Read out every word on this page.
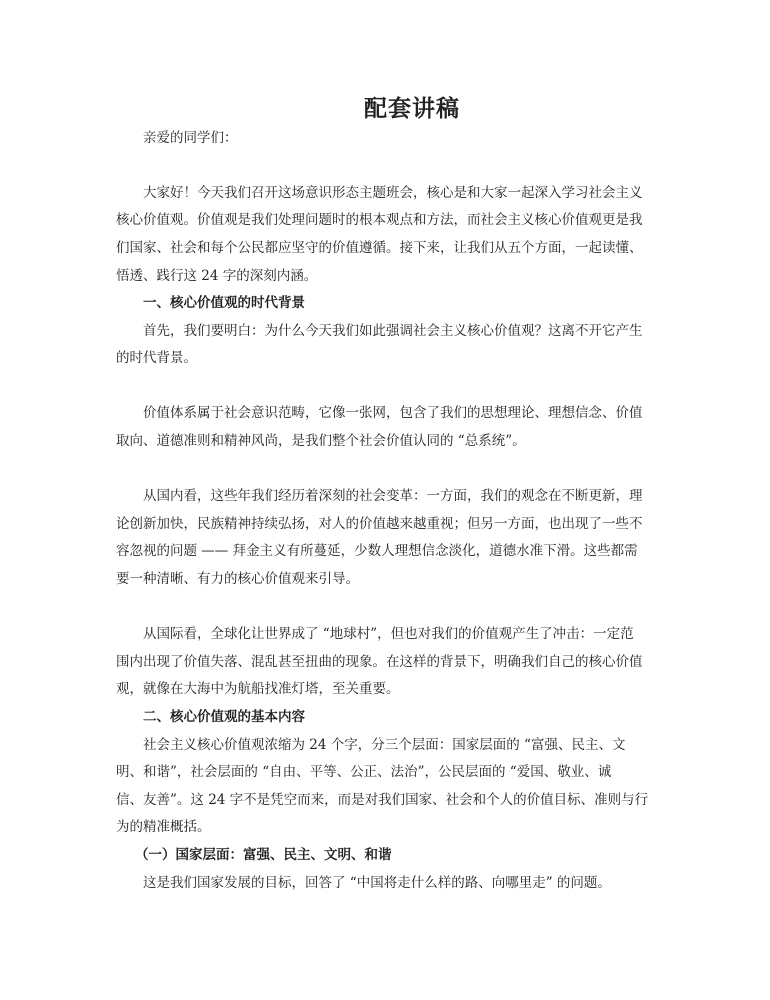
配套讲稿
亲爱的同学们：
大家好！今天我们召开这场意识形态主题班会，核心是和大家一起深入学习社会主义
核心价值观。价值观是我们处理问题时的根本观点和方法，而社会主义核心价值观更是我
们国家、社会和每个公民都应坚守的价值遵循。接下来，让我们从五个方面，一起读懂、
悟透、践行这 24 字的深刻内涵。
一、核心价值观的时代背景
首先，我们要明白：为什么今天我们如此强调社会主义核心价值观？这离不开它产生
的时代背景。
价值体系属于社会意识范畴，它像一张网，包含了我们的思想理论、理想信念、价值
取向、道德准则和精神风尚，是我们整个社会价值认同的 “总系统”。
从国内看，这些年我们经历着深刻的社会变革：一方面，我们的观念在不断更新，理
论创新加快，民族精神持续弘扬，对人的价值越来越重视；但另一方面，也出现了一些不
容忽视的问题 —— 拜金主义有所蔓延，少数人理想信念淡化，道德水准下滑。这些都需
要一种清晰、有力的核心价值观来引导。
从国际看，全球化让世界成了 “地球村”，但也对我们的价值观产生了冲击：一定范
围内出现了价值失落、混乱甚至扭曲的现象。在这样的背景下，明确我们自己的核心价值
观，就像在大海中为航船找准灯塔，至关重要。
二、核心价值观的基本内容
社会主义核心价值观浓缩为 24 个字，分三个层面：国家层面的 “富强、民主、文
明、和谐”，社会层面的 “自由、平等、公正、法治”，公民层面的 “爱国、敬业、诚
信、友善”。这 24 字不是凭空而来，而是对我们国家、社会和个人的价值目标、准则与行
为的精准概括。
（一）国家层面：富强、民主、文明、和谐
这是我们国家发展的目标，回答了 “中国将走什么样的路、向哪里走” 的问题。
